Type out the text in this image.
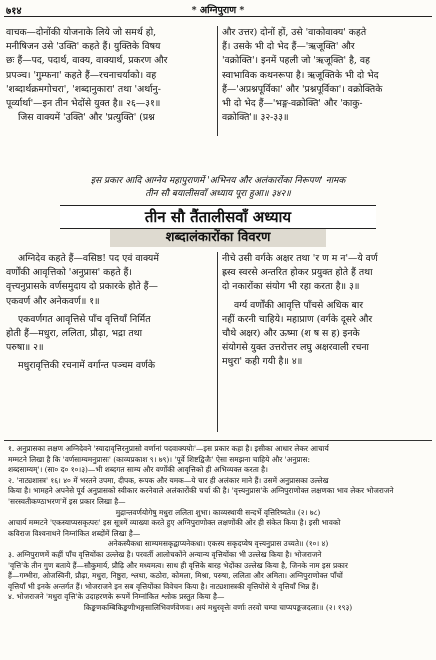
७१४	* अग्निपुराण *
वाचक—दोनोंकी योजनाके लिये जो समर्थ हो,
मनीषिजन उसे 'उक्ति' कहते हैं। युक्तिके विषय
छः हैं—पद, पदार्थ, वाक्य, वाक्यार्थ, प्रकरण और
प्रपञ्च। 'गुम्फना' कहते हैं—रचनाचर्याको। वह
'शब्दार्थक्रमगोचरा', 'शब्दानुकारा' तथा 'अर्थानु-
पूर्व्यार्था'—इन तीन भेदोंसे युक्त है॥ २६—३१॥
जिस वाक्यमें 'उक्ति' और 'प्रत्युक्ति' (प्रश्न
और उत्तर) दोनों हों, उसे 'वाकोवाक्य' कहते
हैं। उसके भी दो भेद हैं—'ऋजूक्ति' और
'वक्रोक्ति'। इनमें पहली जो 'ऋजूक्ति' है, वह
स्वाभाविक कथनरूपा है। ऋजूक्तिके भी दो भेद
हैं—'अप्रश्नपूर्विका' और 'प्रश्नपूर्विका'। वक्रोक्तिके
भी दो भेद हैं—'भङ्ग-वक्रोक्ति' और 'काकु-
वक्रोक्ति'॥ ३२-३३॥
इस प्रकार आदि आग्नेय महापुराणमें 'अभिनय और अलंकारोंका निरूपण' नामक
तीन सौ बयालीसवाँ अध्याय पूरा हुआ॥ ३४२॥
तीन सौ तैंतालीसवाँ अध्याय
शब्दालंकारोंका विवरण
अग्निदेव कहते हैं—वसिष्ठ! पद एवं वाक्यमें
वर्णोंकी आवृत्तिको 'अनुप्रास' कहते हैं।
वृत्त्यनुप्रासके वर्णसमुदाय दो प्रकारके होते हैं—
एकवर्ण और अनेकवर्ण॥ १॥
एकवर्णगत आवृत्तिसे पाँच वृत्तियाँ निर्मित
होती हैं—मधुरा, ललिता, प्रौढ़ा, भद्रा तथा
परुषा॥ २॥
मधुरावृत्तिकी रचनामें वर्गान्त पञ्चम वर्णके
नीचे उसी वर्गके अक्षर तथा 'र ण म न'—ये वर्ण
ह्रस्व स्वरसे अन्तरित होकर प्रयुक्त होते हैं तथा
दो नकारोंका संयोग भी रहा करता है॥ ३॥
वर्ग्य वर्णोंकी आवृत्ति पाँचसे अधिक बार
नहीं करनी चाहिये। महाप्राण (वर्गके दूसरे और
चौथे अक्षर) और ऊष्मा (श ष स ह) इनके
संयोगसे युक्त उत्तरोत्तर लघु अक्षरवाली रचना
मधुरा' कही गयी है॥ ४॥
१. अनुप्रासका लक्षण अग्निदेवने 'स्यादावृत्तिरनुप्रासो वर्णानां पदवाक्ययोः'—इस प्रकार कहा है। इसीका आधार लेकर आचार्य
मम्मटने लिखा है कि 'वर्णसाम्यमनुप्रासः' (काव्यप्रकाश ९। ७९)। 'पूर्वे शिष्टद्विजैः' ऐसा समझना चाहिये और 'अनुप्रास:
शब्दसाम्यम्'। (सा० द० १०।३)—भी शब्दगत साम्य और वर्णोंकी आवृत्तिको ही अभिव्यक्त करता है।
२. 'नाट्यशास्त्र' १६। ४० में भरतने उपमा, दीपक, रूपक और यमक—ये चार ही अलंकार माने हैं। उसमें अनुप्रासका उल्लेख
किया है। भामहने अपनेसे पूर्व अनुप्रासको स्वीकार करनेवाले अलंकारोंकी चर्चा की है। 'वृत्त्यनुप्रास'के अग्निपुराणोक्त लक्षणका भाव लेकर भोजराजने
'सरस्वतीकण्ठाभरण'में इस प्रकार लिखा है—
मुद्रान्तवर्णयोगेषु मधुरा ललिता शुभा। काव्यस्थायी सन्दर्भे वृत्तिरिष्यते॥ (२। ७८)
आचार्य मम्मटने 'एकस्याप्यसकृत्परः' इस सूत्रमें व्याख्या करते हुए अग्निपुराणोक्त लक्षणोंकी ओर ही संकेत किया है। इसी भावको
कविराज विश्वनाथने निम्नांकित शब्दोंमें लिखा है—
अनेकस्यैकधा साम्यमसकृद्वाप्यनेकधा। एकस्य सकृदप्येष वृत्त्यनुप्रास उच्यते॥ (१०। ४)
३. अग्निपुराणमें कहीं पाँच वृत्तियोंका उल्लेख है। परवर्ती आलोचकोंने अन्यान्य वृत्तियोंका भी उल्लेख किया है। भोजराजने
'वृत्ति'के तीन गुण बताये हैं—सौकुमार्य, प्रौढ़ि और मध्यमत्व। साथ ही वृत्तिके बारह भेदोंका उल्लेख किया है, जिनके नाम इस प्रकार
हैं—गम्भीरा, ओजस्विनी, प्रौढ़ा, मधुरा, निष्ठुरा, श्लथा, कठोरा, कोमला, मिश्रा, परुषा, ललिता और अमिता। अग्निपुराणोक्त पाँचों
वृत्तियाँ भी इनके अन्तर्गत हैं। भोजराजने इन सब वृत्तियोंका विवेचन किया है। नाट्यशास्त्रकी वृत्तियोंसे ये वृत्तियाँ भिन्न हैं।
४. भोजराजने 'मधुरा वृत्ति'के उदाहरणके रूपमें निम्नांकित श्लोक प्रस्तुत किया है—
किङ्कणकम्बिकिङ्कणीभङ्गसालिभिवर्णवेणवः। अयं मधुरवृत्तेः वर्णाः तरवो चम्पा चाप्यपङ्कजदलाः॥ (२। १९३)
